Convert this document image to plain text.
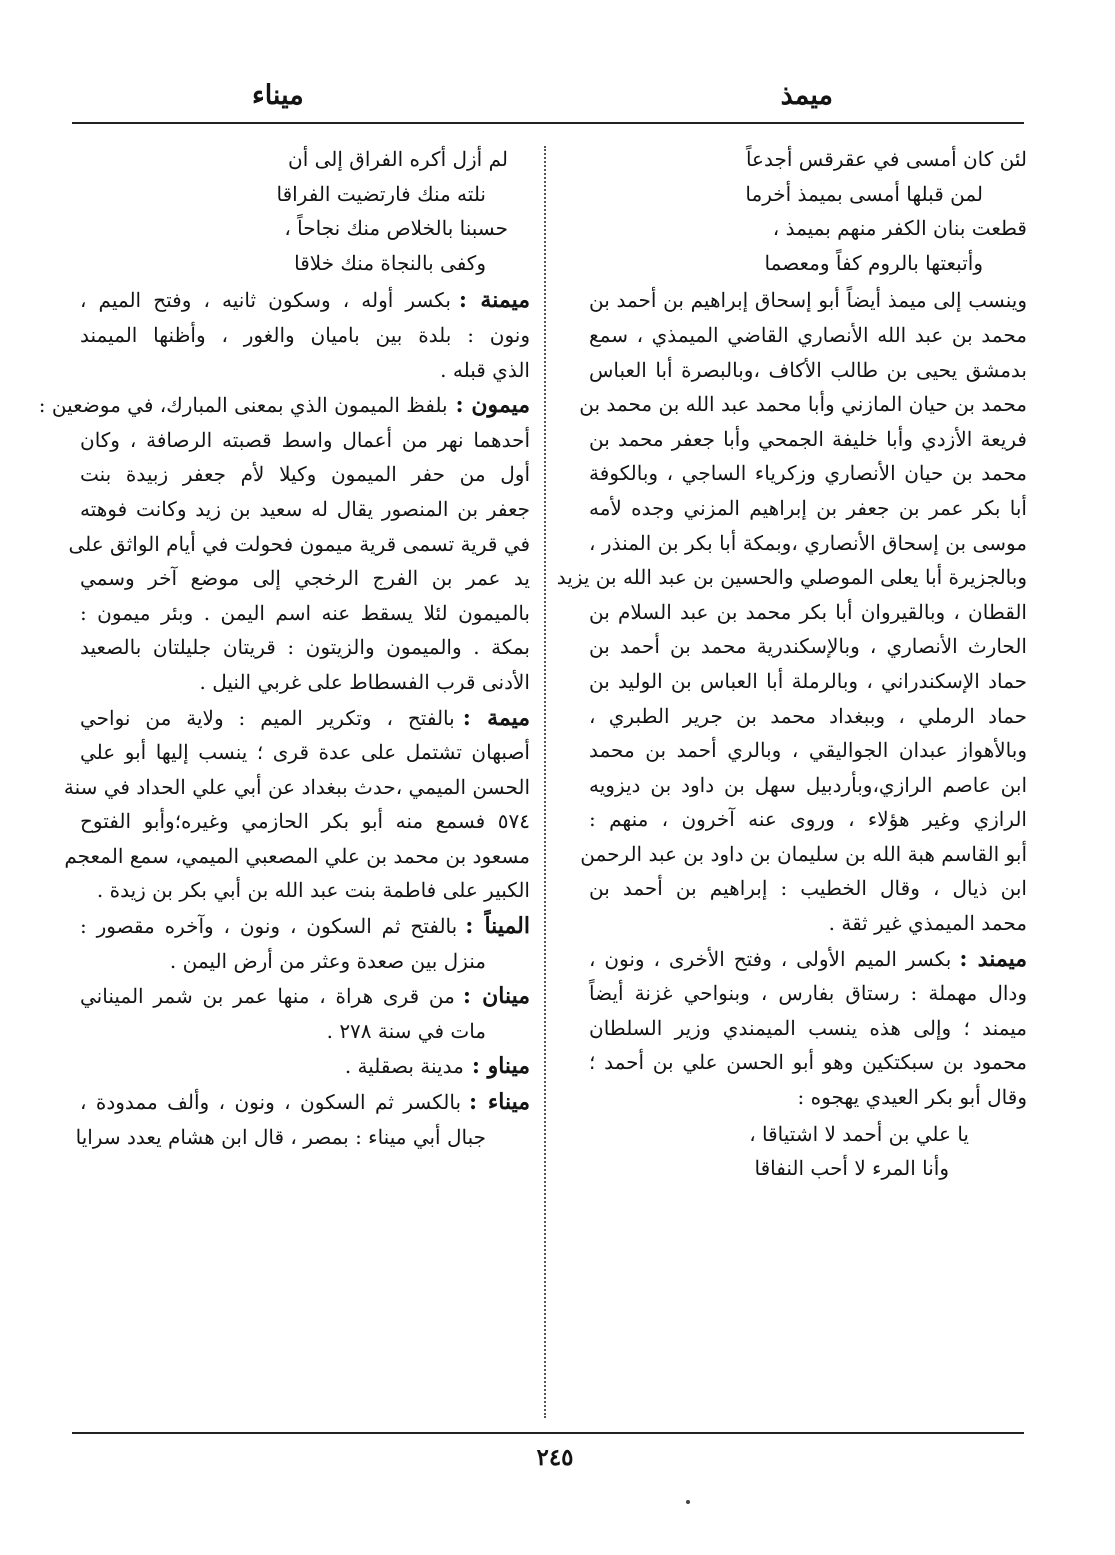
ميمذ
ميناء
لئن كان أمسى في عقرقس أجدعاً
لمن قبلها أمسى بميمذ أخرما
قطعت بنان الكفر منهم بميمذ ،
وأتبعتها بالروم كفاً ومعصما
وينسب إلى ميمذ أيضاً أبو إسحاق إبراهيم بن أحمد بن
محمد بن عبد الله الأنصاري القاضي الميمذي ، سمع
بدمشق يحيى بن طالب الأكاف ،وبالبصرة أبا العباس
محمد بن حيان المازني وأبا محمد عبد الله بن محمد بن
فريعة الأزدي وأبا خليفة الجمحي وأبا جعفر محمد بن
محمد بن حيان الأنصاري وزكرياء الساجي ، وبالكوفة
أبا بكر عمر بن جعفر بن إبراهيم المزني وجده لأمه
موسى بن إسحاق الأنصاري ،وبمكة أبا بكر بن المنذر ،
وبالجزيرة أبا يعلى الموصلي والحسين بن عبد الله بن يزيد
القطان ، وبالقيروان أبا بكر محمد بن عبد السلام بن
الحارث الأنصاري ، وبالإسكندرية محمد بن أحمد بن
حماد الإسكندراني ، وبالرملة أبا العباس بن الوليد بن
حماد الرملي ، وببغداد محمد بن جرير الطبري ،
وبالأهواز عبدان الجواليقي ، وبالري أحمد بن محمد
ابن عاصم الرازي،وبأردبيل سهل بن داود بن ديزويه
الرازي وغير هؤلاء ، وروى عنه آخرون ، منهم :
أبو القاسم هبة الله بن سليمان بن داود بن عبد الرحمن
ابن ذيال ، وقال الخطيب : إبراهيم بن أحمد بن
محمد الميمذي غير ثقة .
ميمند :بكسر الميم الأولى ، وفتح الأخرى ، ونون ،
ودال مهملة : رستاق بفارس ، وبنواحي غزنة أيضاً
ميمند ؛ وإلى هذه ينسب الميمندي وزير السلطان
محمود بن سبكتكين وهو أبو الحسن علي بن أحمد ؛
وقال أبو بكر العيدي يهجوه :
يا علي بن أحمد لا اشتياقا ،
وأنا المرء لا أحب النفاقا
لم أزل أكره الفراق إلى أن
نلته منك فارتضيت الفراقا
حسبنا بالخلاص منك نجاحاً ،
وكفى بالنجاة منك خلاقا
ميمنة :بكسر أوله ، وسكون ثانيه ، وفتح الميم ،
ونون : بلدة بين باميان والغور ، وأظنها الميمند
الذي قبله .
ميمون :بلفظ الميمون الذي بمعنى المبارك، في موضعين :
أحدهما نهر من أعمال واسط قصبته الرصافة ، وكان
أول من حفر الميمون وكيلا لأم جعفر زبيدة بنت
جعفر بن المنصور يقال له سعيد بن زيد وكانت فوهته
في قرية تسمى قرية ميمون فحولت في أيام الواثق على
يد عمر بن الفرج الرخجي إلى موضع آخر وسمي
بالميمون لئلا يسقط عنه اسم اليمن . وبئر ميمون :
بمكة . والميمون والزيتون : قريتان جليلتان بالصعيد
الأدنى قرب الفسطاط على غربي النيل .
ميمة :بالفتح ، وتكرير الميم : ولاية من نواحي
أصبهان تشتمل على عدة قرى ؛ ينسب إليها أبو علي
الحسن الميمي ،حدث ببغداد عن أبي علي الحداد في سنة
٥٧٤ فسمع منه أبو بكر الحازمي وغيره؛وأبو الفتوح
مسعود بن محمد بن علي المصعبي الميمي، سمع المعجم
الكبير على فاطمة بنت عبد الله بن أبي بكر بن زيدة .
الميناً :بالفتح ثم السكون ، ونون ، وآخره مقصور :
منزل بين صعدة وعثر من أرض اليمن .
مينان :من قرى هراة ، منها عمر بن شمر الميناني
مات في سنة ٢٧٨ .
ميناو :مدينة بصقلية .
ميناء :بالكسر ثم السكون ، ونون ، وألف ممدودة ،
جبال أبي ميناء : بمصر ، قال ابن هشام يعدد سرايا
٢٤٥
